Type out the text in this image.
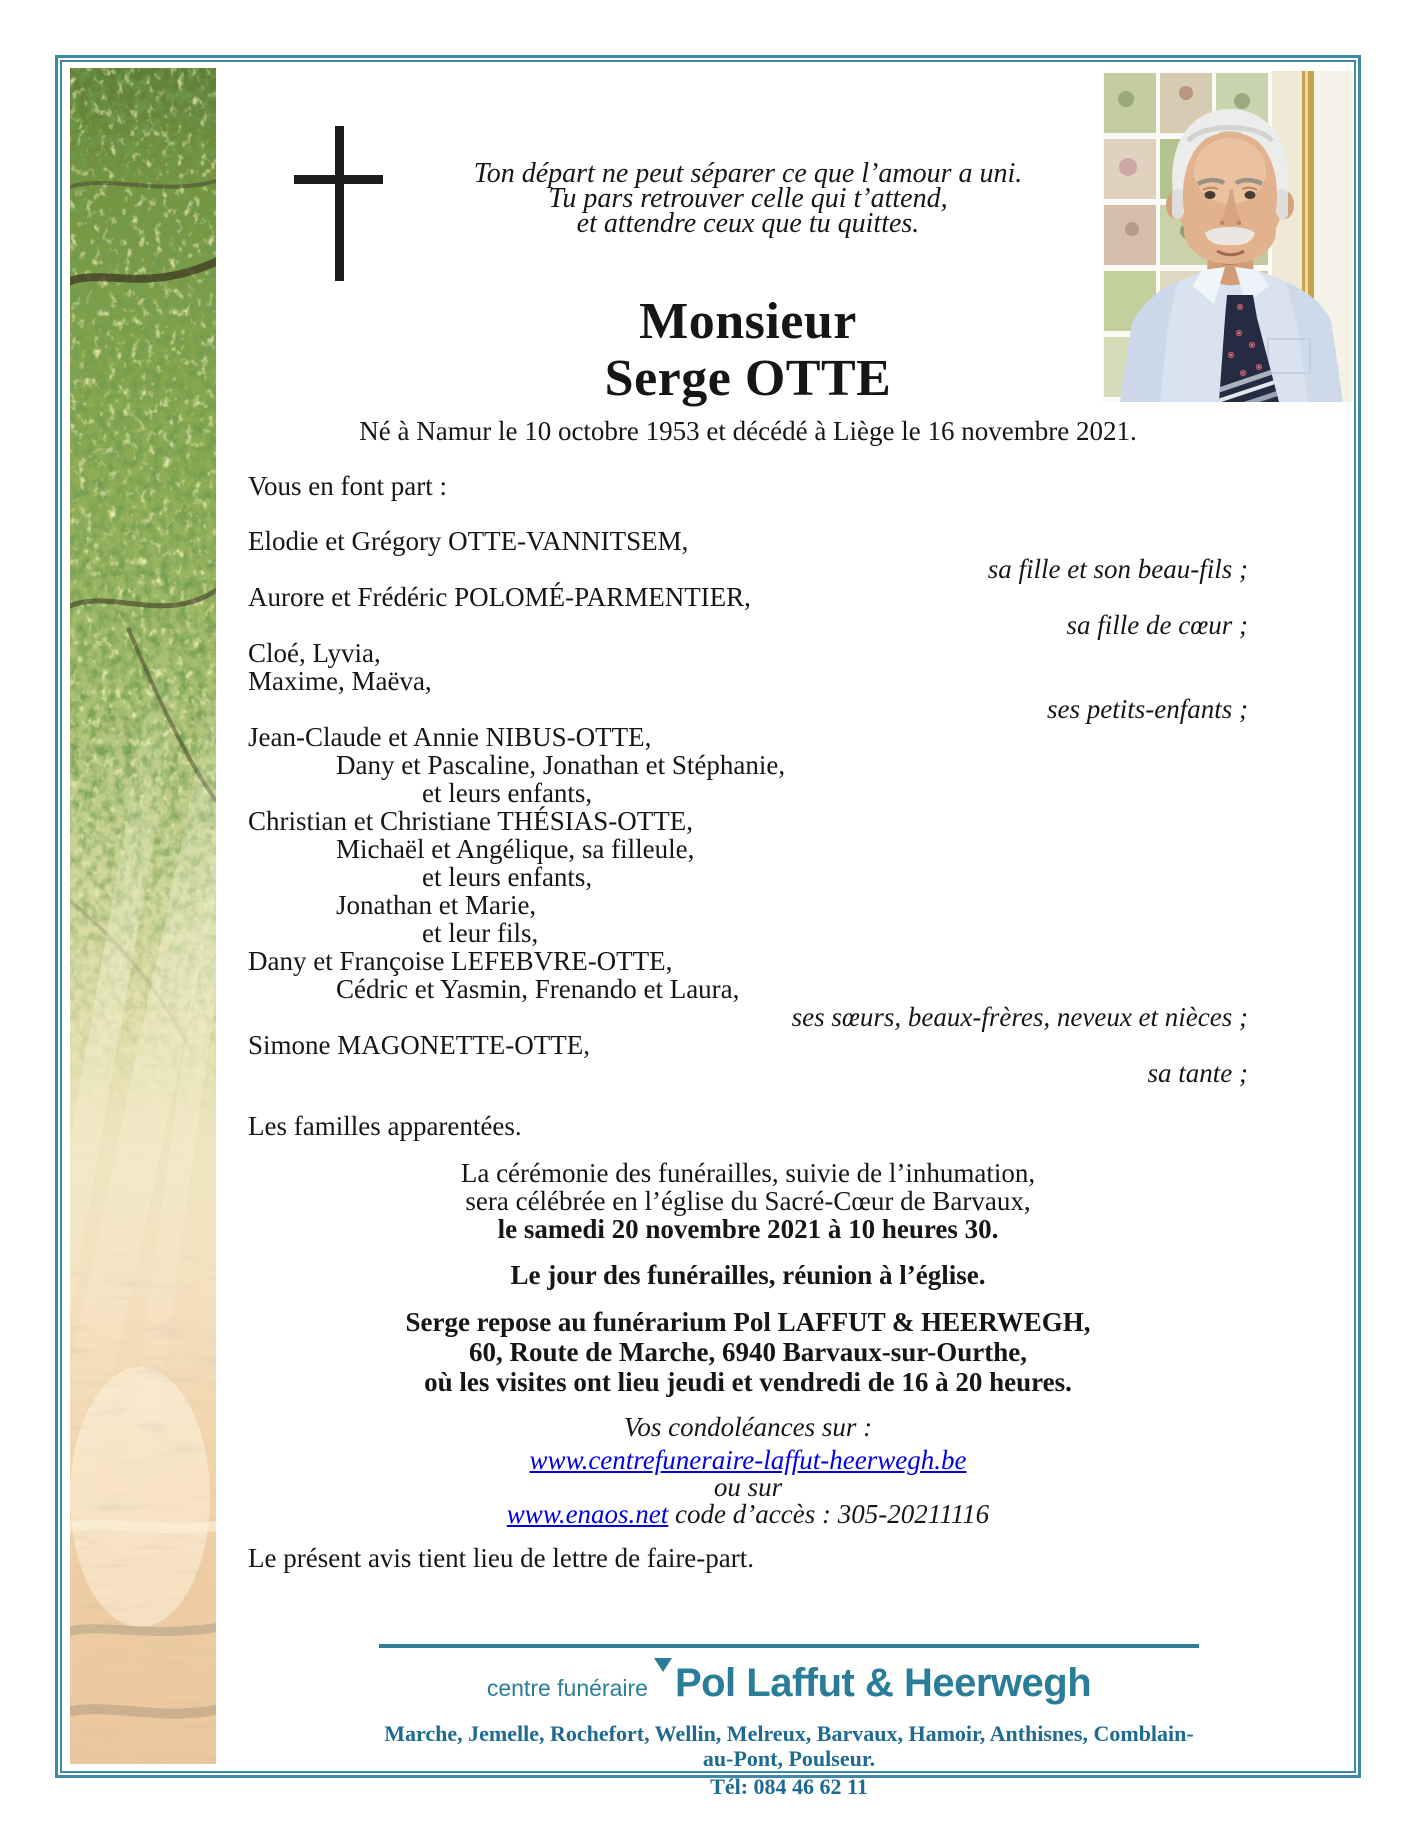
Ton départ ne peut séparer ce que l’amour a uni.
Tu pars retrouver celle qui t’attend,
et attendre ceux que tu quittes.
Monsieur
Serge OTTE
Né à Namur le 10 octobre 1953 et décédé à Liège le 16 novembre 2021.
Vous en font part :
Elodie et Grégory OTTE-VANNITSEM,
sa fille et son beau-fils ;
Aurore et Frédéric POLOMÉ-PARMENTIER,
sa fille de cœur ;
Cloé, Lyvia,
Maxime, Maëva,
ses petits-enfants ;
Jean-Claude et Annie NIBUS-OTTE,
Dany et Pascaline, Jonathan et Stéphanie,
et leurs enfants,
Christian et Christiane THÉSIAS-OTTE,
Michaël et Angélique, sa filleule,
et leurs enfants,
Jonathan et Marie,
et leur fils,
Dany et Françoise LEFEBVRE-OTTE,
Cédric et Yasmin, Frenando et Laura,
ses sœurs, beaux-frères, neveux et nièces ;
Simone MAGONETTE-OTTE,
sa tante ;
Les familles apparentées.
La cérémonie des funérailles, suivie de l’inhumation,
sera célébrée en l’église du Sacré-Cœur de Barvaux,
le samedi 20 novembre 2021 à 10 heures 30.
Le jour des funérailles, réunion à l’église.
Serge repose au funérarium Pol LAFFUT & HEERWEGH,
60, Route de Marche, 6940 Barvaux-sur-Ourthe,
où les visites ont lieu jeudi et vendredi de 16 à 20 heures.
Vos condoléances sur :
www.centrefuneraire-laffut-heerwegh.be
ou sur
www.enaos.net code d’accès : 305-20211116
Le présent avis tient lieu de lettre de faire-part.
centre funéraire Pol Laffut & Heerwegh
Marche, Jemelle, Rochefort, Wellin, Melreux, Barvaux, Hamoir, Anthisnes, Comblain-au-Pont, Poulseur.
Tél: 084 46 62 11
